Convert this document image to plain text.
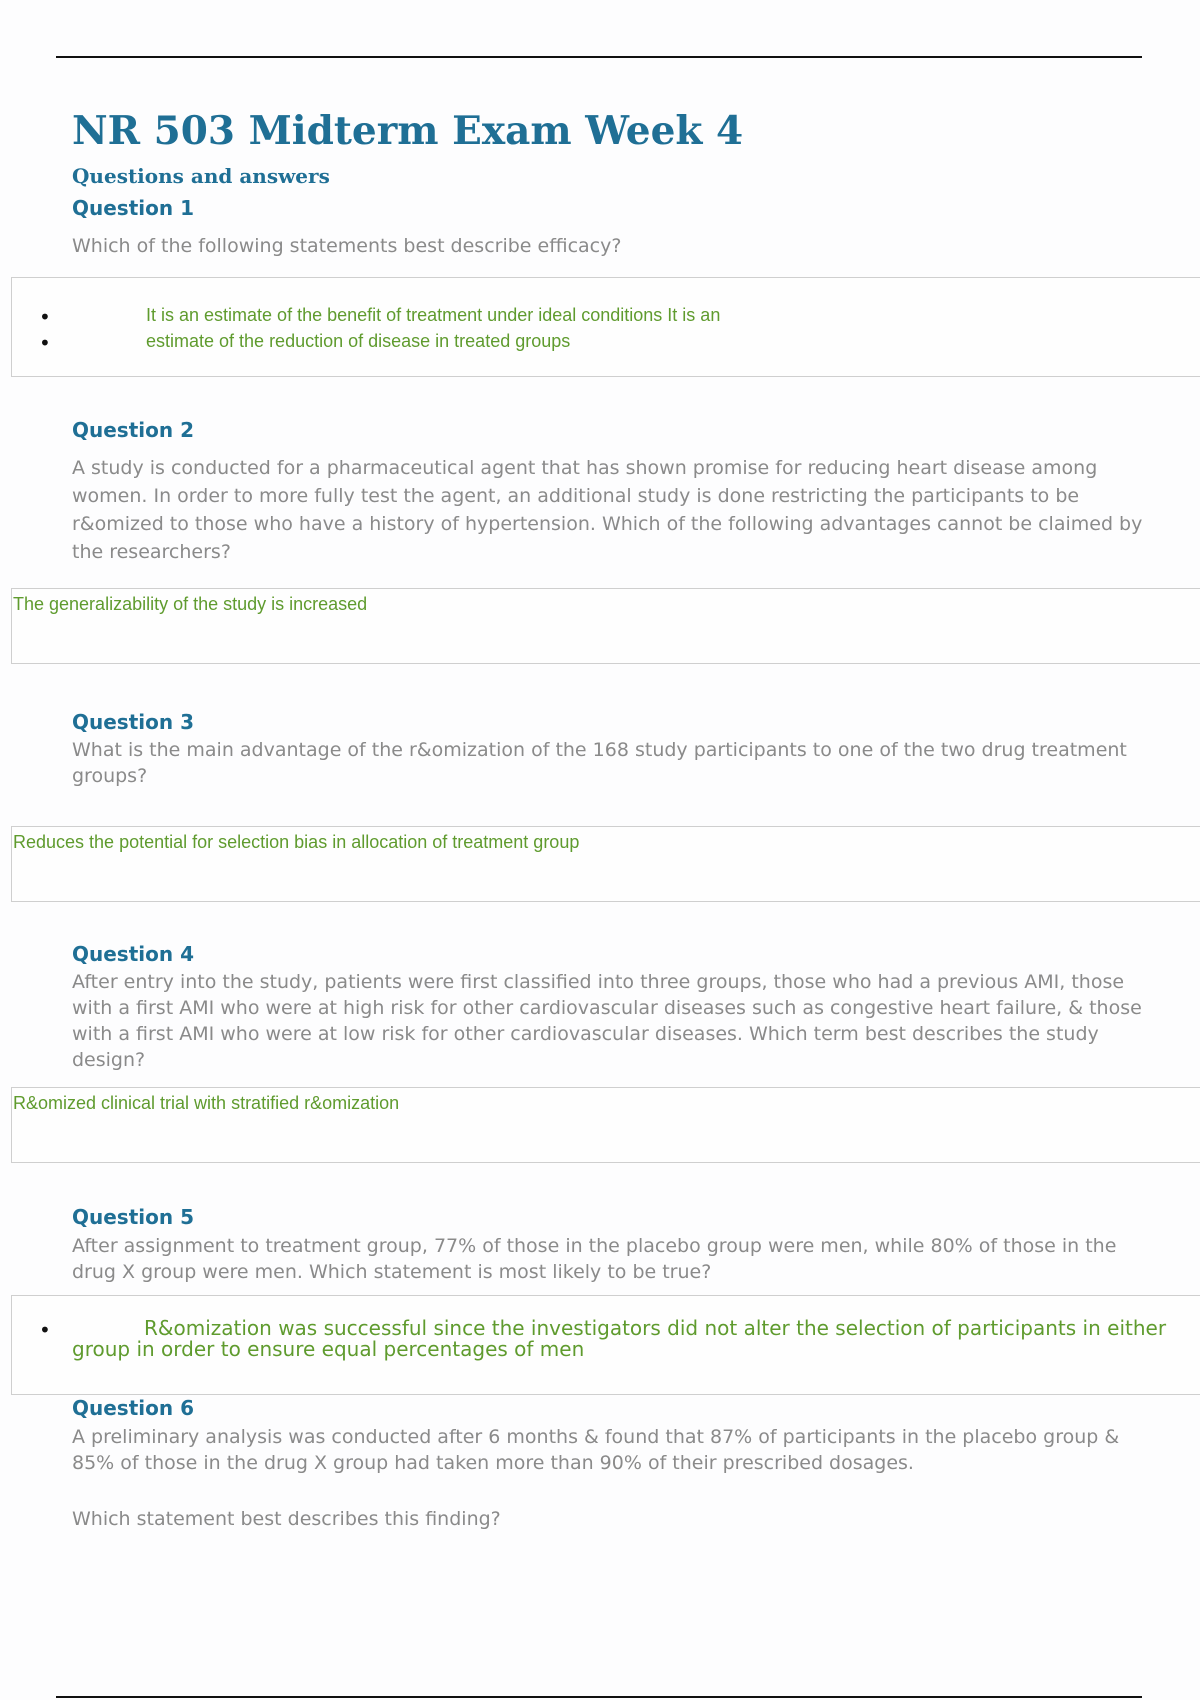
NR 503 Midterm Exam Week 4
Questions and answers
Question 1
Which of the following statements best describe efficacy?
•
•
It is an estimate of the benefit of treatment under ideal conditions It is an
estimate of the reduction of disease in treated groups
Question 2
A study is conducted for a pharmaceutical agent that has shown promise for reducing heart disease among women. In order to more fully test the agent, an additional study is done restricting the participants to be r&omized to those who have a history of hypertension. Which of the following advantages cannot be claimed by the researchers?
The generalizability of the study is increased
Question 3
What is the main advantage of the r&omization of the 168 study participants to one of the two drug treatment groups?
Reduces the potential for selection bias in allocation of treatment group
Question 4
After entry into the study, patients were first classified into three groups, those who had a previous AMI, those with a first AMI who were at high risk for other cardiovascular diseases such as congestive heart failure, & those with a first AMI who were at low risk for other cardiovascular diseases. Which term best describes the study design?
R&omized clinical trial with stratified r&omization
Question 5
After assignment to treatment group, 77% of those in the placebo group were men, while 80% of those in the drug X group were men. Which statement is most likely to be true?
•	R&omization was successful since the investigators did not alter the selection of participants in either group in order to ensure equal percentages of men
Question 6
A preliminary analysis was conducted after 6 months & found that 87% of participants in the placebo group & 85% of those in the drug X group had taken more than 90% of their prescribed dosages.
Which statement best describes this finding?
